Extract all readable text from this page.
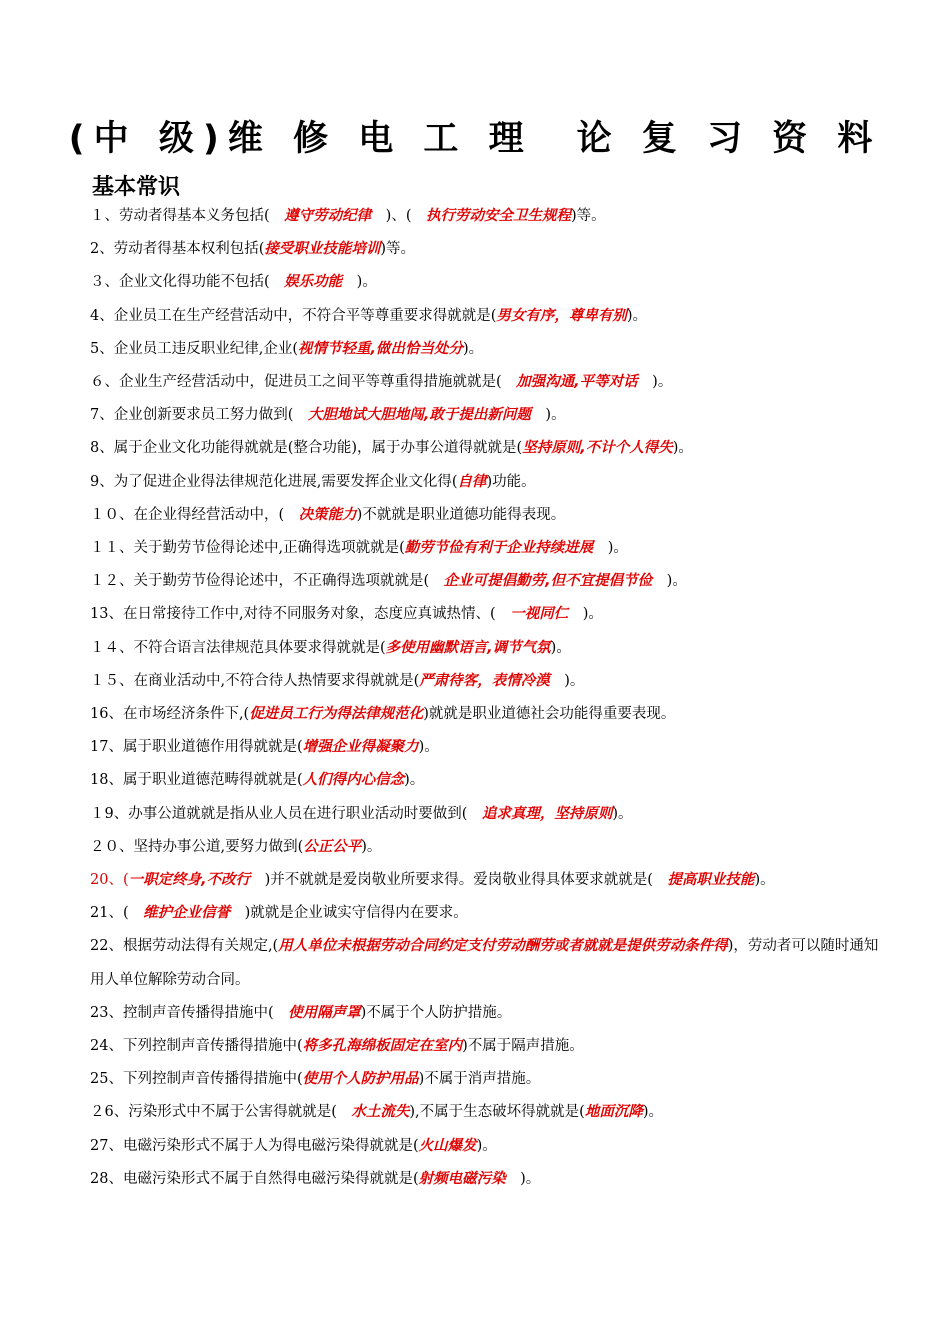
(中 级)维 修 电 工 理　论 复 习 资 料
基本常识
１、劳动者得基本义务包括(　遵守劳动纪律　)、(　执行劳动安全卫生规程)等。
2、劳动者得基本权利包括(接受职业技能培训)等。
３、企业文化得功能不包括(　娱乐功能　)。
4、企业员工在生产经营活动中，不符合平等尊重要求得就就是(男女有序，尊卑有别)。
5、企业员工违反职业纪律,企业(视情节轻重,做出恰当处分)。
６、企业生产经营活动中，促进员工之间平等尊重得措施就就是(　加强沟通,平等对话　)。
7、企业创新要求员工努力做到(　大胆地试大胆地闯,敢于提出新问题　)。
8、属于企业文化功能得就就是(整合功能)，属于办事公道得就就是(坚持原则,不计个人得失)。
9、为了促进企业得法律规范化进展,需要发挥企业文化得(自律)功能。
１０、在企业得经营活动中，(　决策能力)不就就是职业道德功能得表现。
１１、关于勤劳节俭得论述中,正确得选项就就是(勤劳节俭有利于企业持续进展　)。
１２、关于勤劳节俭得论述中，不正确得选项就就是(　企业可提倡勤劳,但不宜提倡节俭　)。
13、在日常接待工作中,对待不同服务对象，态度应真诚热情、(　一视同仁　)。
１４、不符合语言法律规范具体要求得就就是(多使用幽默语言,调节气氛)。
１５、在商业活动中,不符合待人热情要求得就就是(严肃待客，表情冷漠　)。
16、在市场经济条件下,(促进员工行为得法律规范化)就就是职业道德社会功能得重要表现。
17、属于职业道德作用得就就是(增强企业得凝聚力)。
18、属于职业道德范畴得就就是(人们得内心信念)。
１9、办事公道就就是指从业人员在进行职业活动时要做到(　追求真理，坚持原则)。
２０、坚持办事公道,要努力做到(公正公平)。
20、(一职定终身,不改行　)并不就就是爱岗敬业所要求得。爱岗敬业得具体要求就就是(　提高职业技能)。
21、(　维护企业信誉　)就就是企业诚实守信得内在要求。
22、根据劳动法得有关规定,(用人单位未根据劳动合同约定支付劳动酬劳或者就就是提供劳动条件得)，劳动者可以随时通知用人单位解除劳动合同。
23、控制声音传播得措施中(　使用隔声罩)不属于个人防护措施。
24、下列控制声音传播得措施中(将多孔海绵板固定在室内)不属于隔声措施。
25、下列控制声音传播得措施中(使用个人防护用品)不属于消声措施。
２6、污染形式中不属于公害得就就是(　水土流失),不属于生态破坏得就就是(地面沉降)。
27、电磁污染形式不属于人为得电磁污染得就就是(火山爆发)。
28、电磁污染形式不属于自然得电磁污染得就就是(射频电磁污染　)。
